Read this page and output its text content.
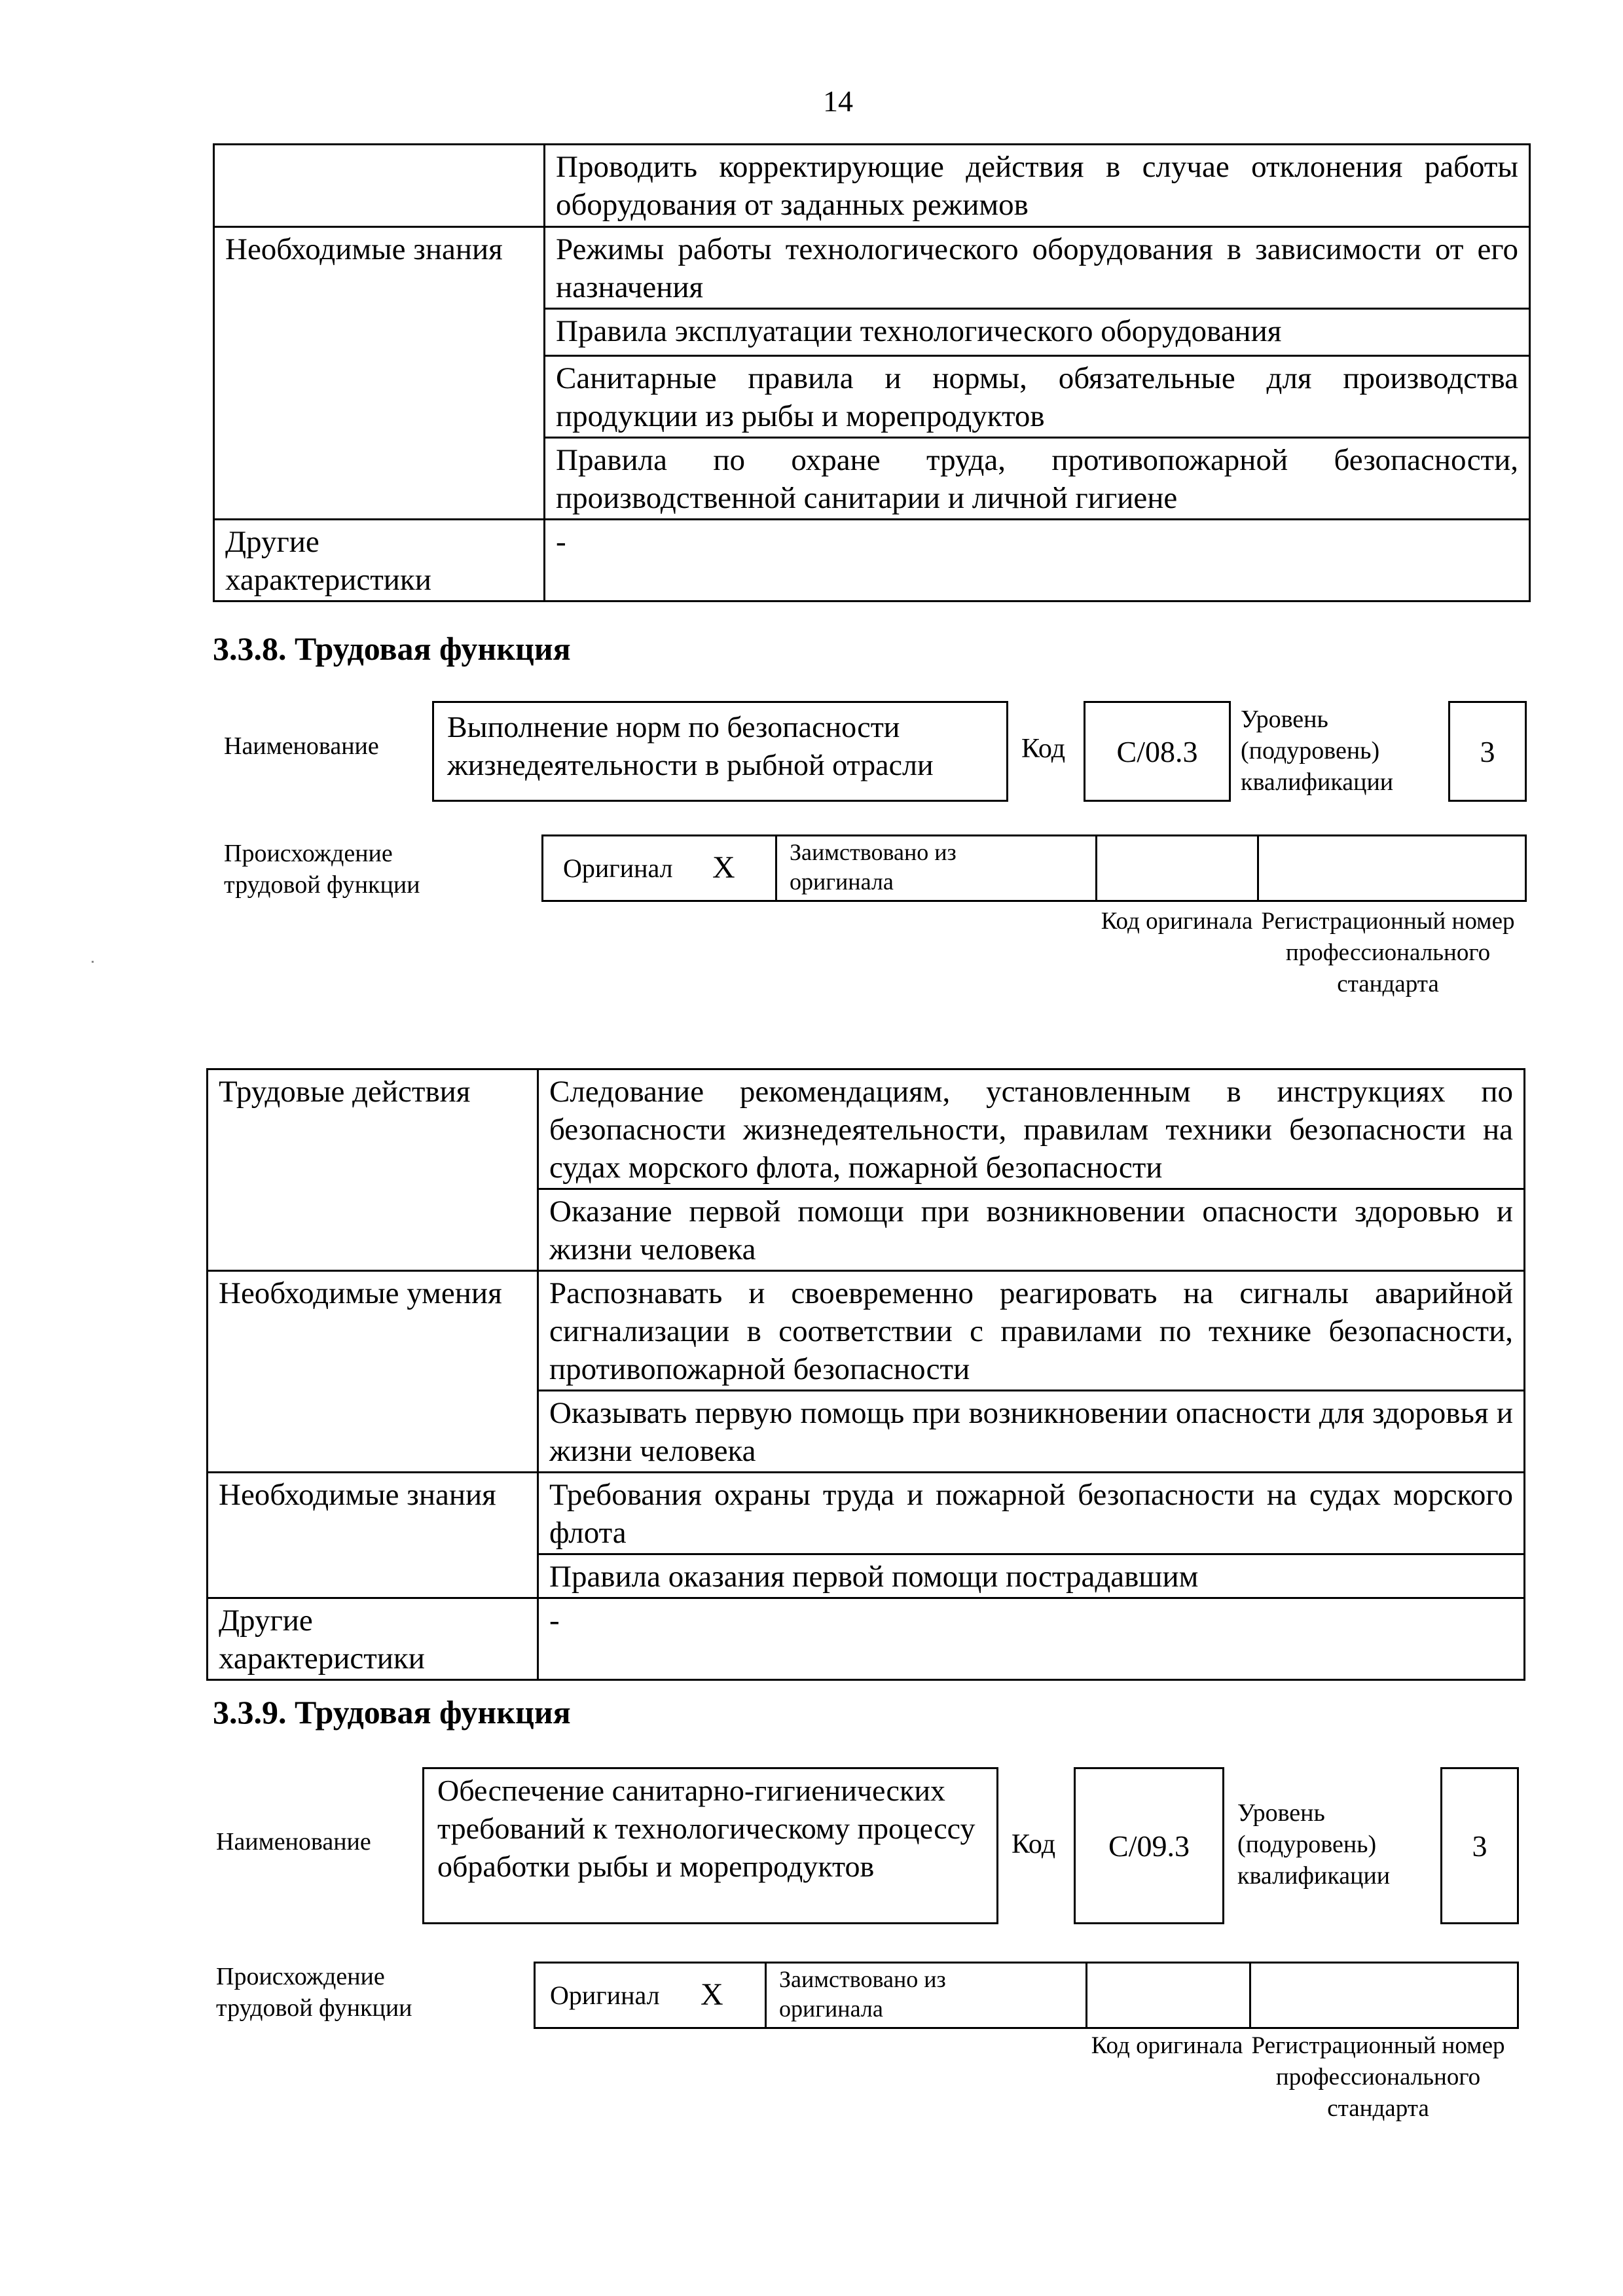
14
	Проводить корректирующие действия в случае отклонения работы оборудования от заданных режимов
Необходимые знания	Режимы работы технологического оборудования в зависимости от его назначения
	Правила эксплуатации технологического оборудования
	Санитарные правила и нормы, обязательные для производства продукции из рыбы и морепродуктов
	Правила по охране труда, противопожарной безопасности, производственной санитарии и личной гигиене
Другие характеристики	-
3.3.8. Трудовая функция
Наименование
Выполнение норм по безопасности жизнедеятельности в рыбной отрасли	Код	C/08.3
Уровень (подуровень) квалификации
3
Происхождение трудовой функции
Оригинал X Заимствовано из оригинала
Код оригинала Регистрационный номер профессионального стандарта
Трудовые действия	Следование рекомендациям, установленным в инструкциях по безопасности жизнедеятельности, правилам техники безопасности на судах морского флота, пожарной безопасности
	Оказание первой помощи при возникновении опасности здоровью и жизни человека
Необходимые умения	Распознавать и своевременно реагировать на сигналы аварийной сигнализации в соответствии с правилами по технике безопасности, противопожарной безопасности
	Оказывать первую помощь при возникновении опасности для здоровья и жизни человека
Необходимые знания	Требования охраны труда и пожарной безопасности на судах морского флота
	Правила оказания первой помощи пострадавшим
Другие характеристики	-
3.3.9. Трудовая функция
Наименование
Обеспечение санитарно-гигиенических требований к технологическому процессу обработки рыбы и морепродуктов
Код	C/09.3
Уровень (подуровень) квалификации
3
Происхождение трудовой функции	Оригинал X Заимствовано из оригинала
Код оригинала Регистрационный номер профессионального стандарта
